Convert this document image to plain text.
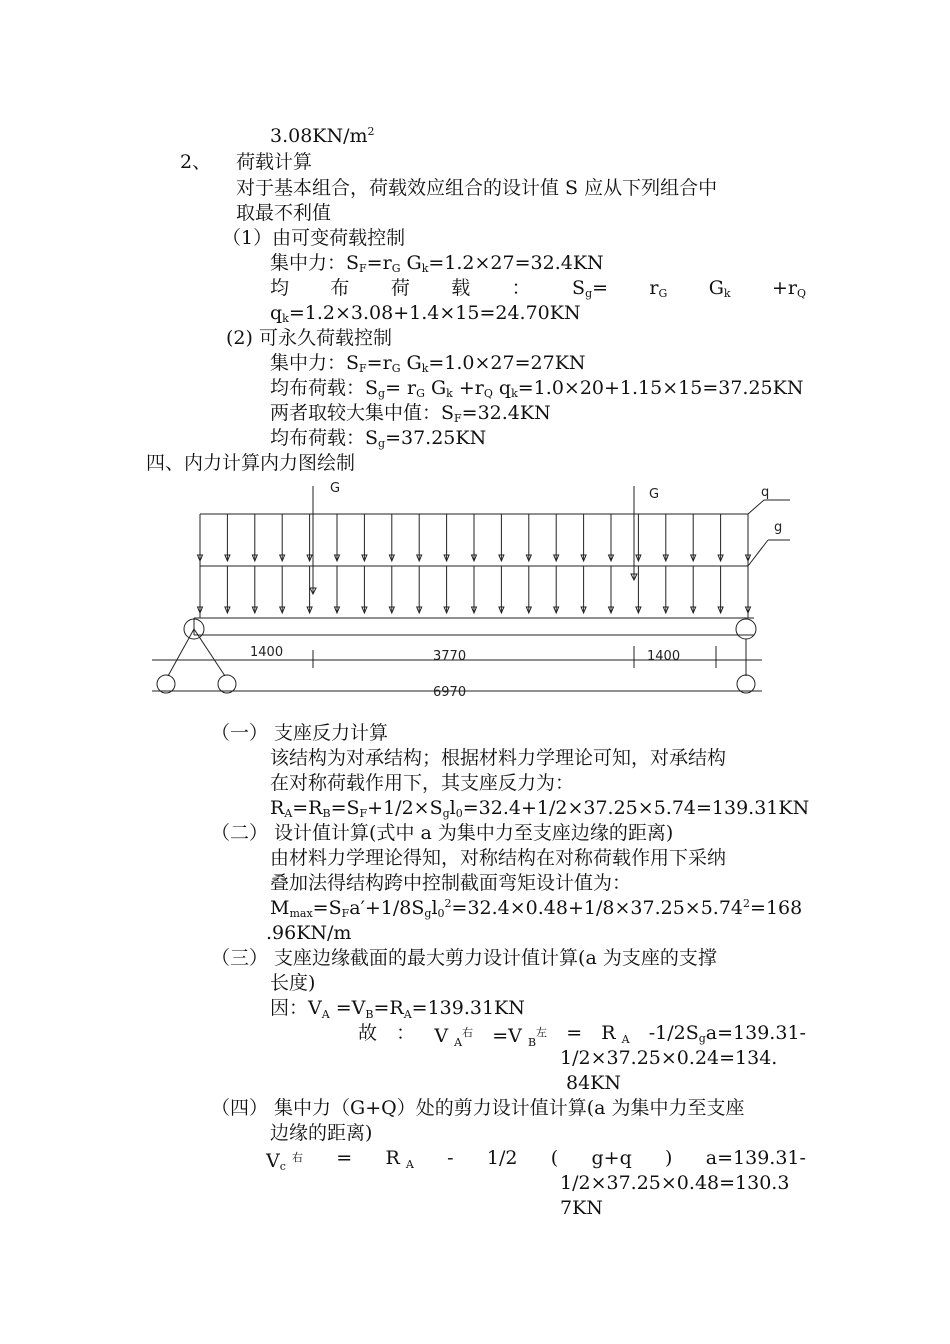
$3.08KN/m^2$
2、 荷载计算
对于基本组合，荷载效应组合的设计值 S 应从下列组合中
取最不利值
（1）由可变荷载控制
集中力：$S_F=r_G$ $G_k=1.2\times 27=32.4KN$
均 布 荷 载 ： $S_g= r_G$ $G_k +r_Q$
$q_k=1.2\times 3.08+1.4\times 15=24.70KN$
(2) 可永久荷载控制
集中力：$S_F=r_G$ $G_k=1.0\times 27=27KN$
均布荷载：$S_g= r_G$ $G_k +r_Q$ $q_k=1.0\times 20+1.15\times 15=37.25KN$
两者取较大集中值：$S_F=32.4KN$
均布荷载：$S_g=37.25KN$
四、内力计算内力图绘制
G	G	q
g
1400	3770	1400
6970
（一） 支座反力计算
该结构为对承结构；根据材料力学理论可知，对承结构
在对称荷载作用下，其支座反力为：
$R_A=R_B=S_F+1/2\times S_gl_0=32.4+1/2\times 37.25\times 5.74=139.31KN$
（二） 设计值计算(式中 a 为集中力至支座边缘的距离)
由材料力学理论得知，对称结构在对称荷载作用下采纳
叠加法得结构跨中控制截面弯矩设计值为：
$M_{max}=S_Fa'+1/8S_gl_0^2=32.4\times 0.48+1/8\times 37.25\times 5.74^2=168$
.96KN/m
（三） 支座边缘截面的最大剪力设计值计算(a 为支座的支撑
长度)
因：$V_A =V_B=R_A=139.31KN$
故 ： V $_A^右$ =V $_B^左$ = R $_A$ $-1/2S_ga=139.31-$
1/2×37.25×0.24=134.
84KN
（四） 集中力（G+Q）处的剪力设计值计算(a 为集中力至支座
边缘的距离)
$V_c$ $^右$ = R $_A$ - 1/2 ( g+q ) a=139.31-
1/2×37.25×0.48=130.3
7KN
